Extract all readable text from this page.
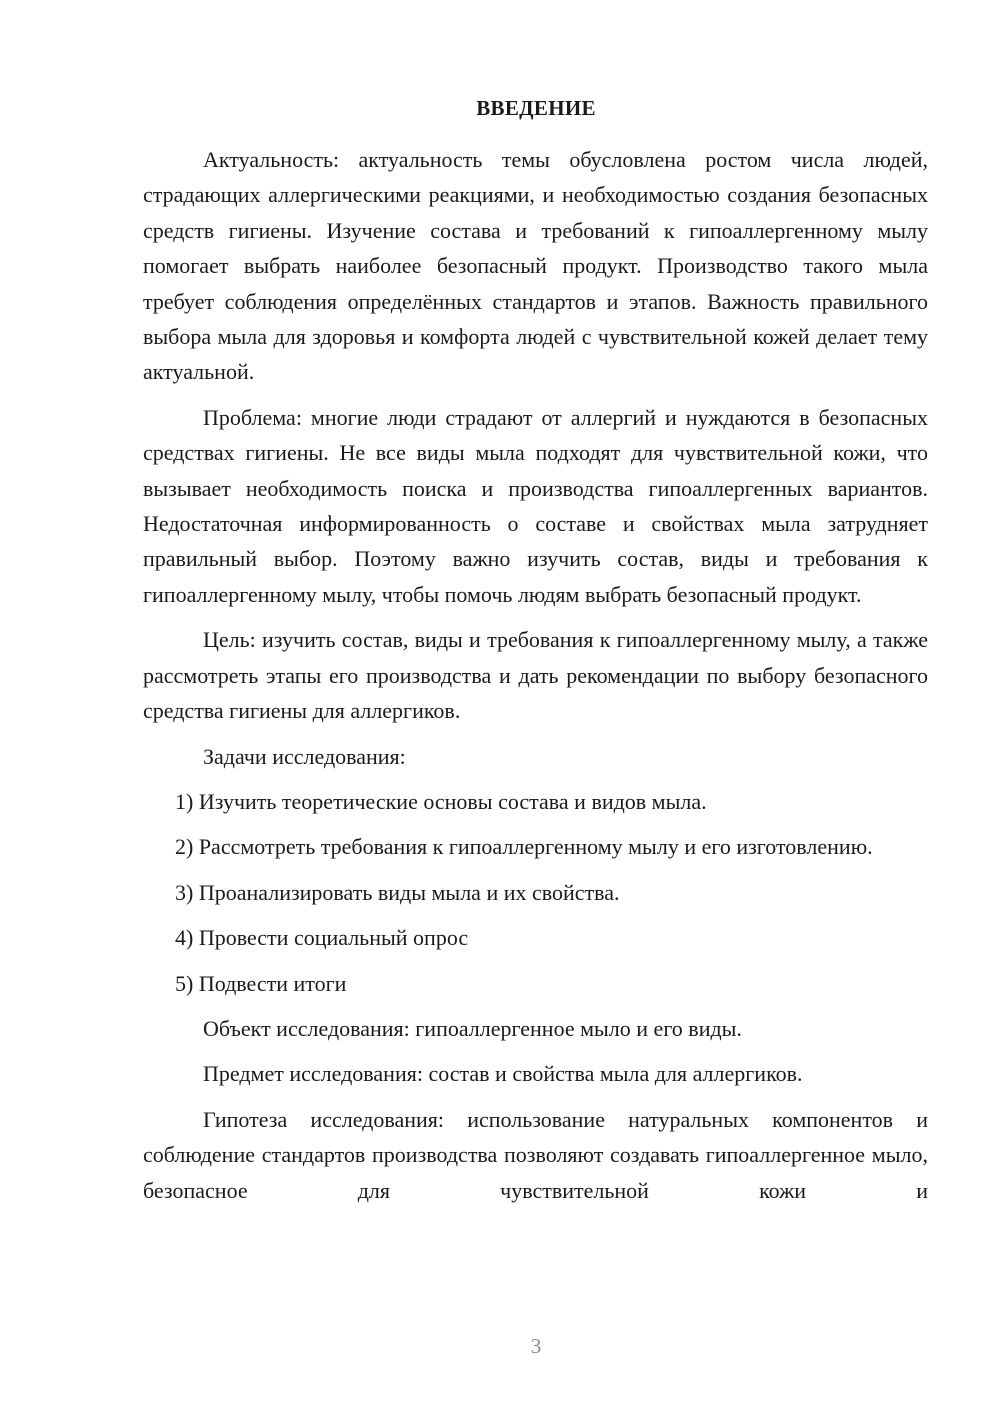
ВВЕДЕНИЕ

Актуальность: актуальность темы обусловлена ростом числа людей, страдающих аллергическими реакциями, и необходимостью создания безопасных средств гигиены. Изучение состава и требований к гипоаллергенному мылу помогает выбрать наиболее безопасный продукт. Производство такого мыла требует соблюдения определённых стандартов и этапов. Важность правильного выбора мыла для здоровья и комфорта людей с чувствительной кожей делает тему актуальной.

Проблема: многие люди страдают от аллергий и нуждаются в безопасных средствах гигиены. Не все виды мыла подходят для чувствительной кожи, что вызывает необходимость поиска и производства гипоаллергенных вариантов. Недостаточная информированность о составе и свойствах мыла затрудняет правильный выбор. Поэтому важно изучить состав, виды и требования к гипоаллергенному мылу, чтобы помочь людям выбрать безопасный продукт.

Цель: изучить состав, виды и требования к гипоаллергенному мылу, а также рассмотреть этапы его производства и дать рекомендации по выбору безопасного средства гигиены для аллергиков.

Задачи исследования:

1) Изучить теоретические основы состава и видов мыла.

2) Рассмотреть требования к гипоаллергенному мылу и его изготовлению.

3) Проанализировать виды мыла и их свойства.

4) Провести социальный опрос

5) Подвести итоги

Объект исследования: гипоаллергенное мыло и его виды.

Предмет исследования: состав и свойства мыла для аллергиков.

Гипотеза исследования: использование натуральных компонентов и соблюдение стандартов производства позволяют создавать гипоаллергенное мыло, безопасное для чувствительной кожи и

3
